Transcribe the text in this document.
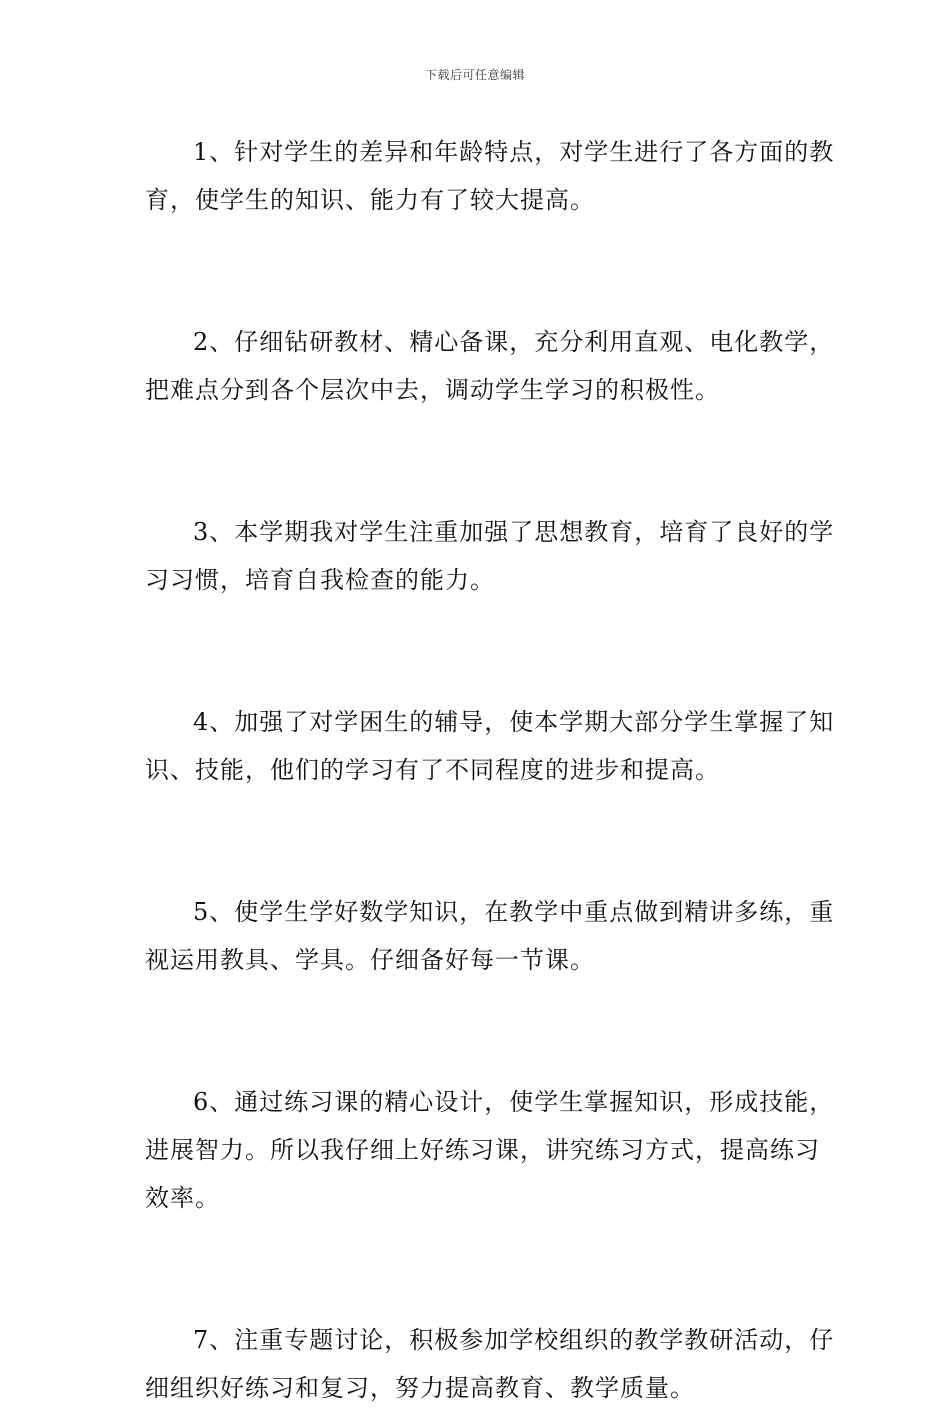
下载后可任意编辑

1、针对学生的差异和年龄特点，对学生进行了各方面的教育，使学生的知识、能力有了较大提高。

2、仔细钻研教材、精心备课，充分利用直观、电化教学，把难点分到各个层次中去，调动学生学习的积极性。

3、本学期我对学生注重加强了思想教育，培育了良好的学习习惯，培育自我检查的能力。

4、加强了对学困生的辅导，使本学期大部分学生掌握了知识、技能，他们的学习有了不同程度的进步和提高。

5、使学生学好数学知识，在教学中重点做到精讲多练，重视运用教具、学具。仔细备好每一节课。

6、通过练习课的精心设计，使学生掌握知识，形成技能，进展智力。所以我仔细上好练习课，讲究练习方式，提高练习效率。

7、注重专题讨论，积极参加学校组织的教学教研活动，仔细组织好练习和复习，努力提高教育、教学质量。
